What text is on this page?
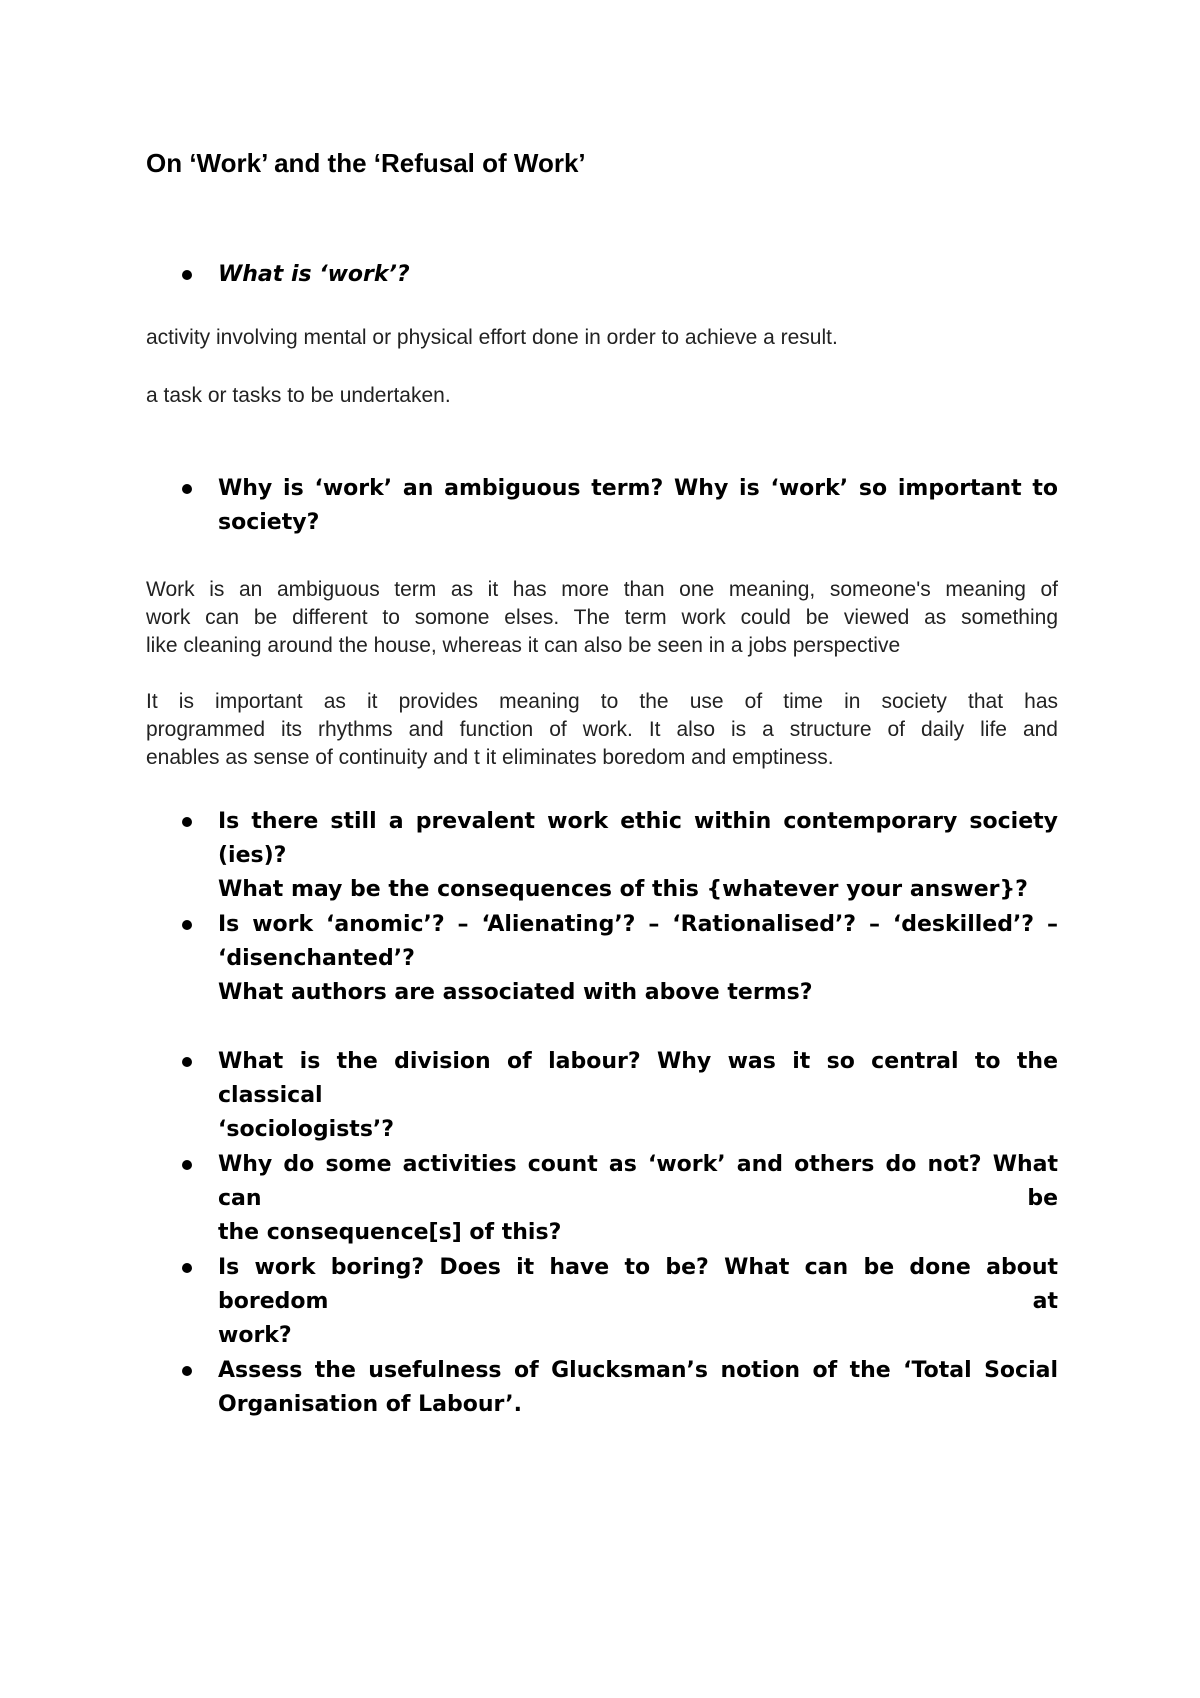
On ‘Work’ and the ‘Refusal of Work’

What is ‘work’?

activity involving mental or physical effort done in order to achieve a result.

a task or tasks to be undertaken.

Why is ‘work’ an ambiguous term? Why is ‘work’ so important to
society?
Work is an ambiguous term as it has more than one meaning, someone's meaning of
work can be different to somone elses. The term work could be viewed as something
like cleaning around the house, whereas it can also be seen in a jobs perspective
It is important as it provides meaning to the use of time in society that has
programmed its rhythms and function of work. It also is a structure of daily life and
enables as sense of continuity and t it eliminates boredom and emptiness.
Is there still a prevalent work ethic within contemporary society (ies)?
What may be the consequences of this {whatever your answer}?
Is work ‘anomic’? – ‘Alienating’? – ‘Rationalised’? – ‘deskilled’? –
‘disenchanted’?
What authors are associated with above terms?
What is the division of labour? Why was it so central to the classical
‘sociologists’?
Why do some activities count as ‘work’ and others do not? What can be
the consequence[s] of this?
Is work boring? Does it have to be? What can be done about boredom at
work?
Assess the usefulness of Glucksman’s notion of the ‘Total Social
Organisation of Labour’.
